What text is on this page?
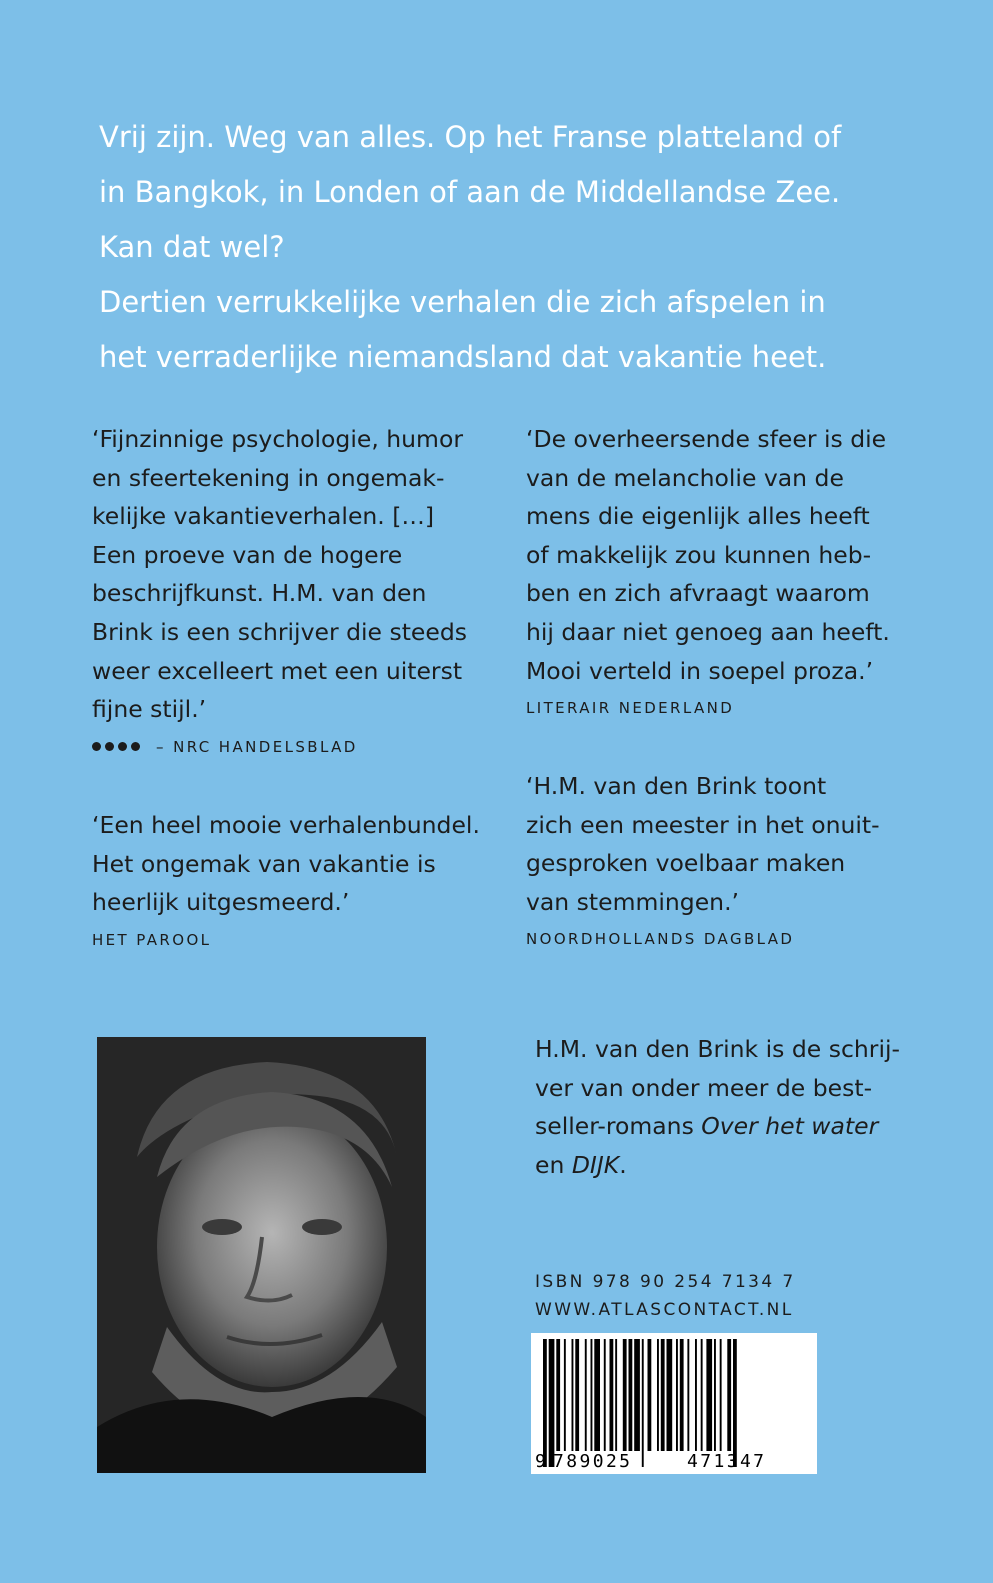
Vrij zijn. Weg van alles. Op het Franse platteland of

in Bangkok, in Londen of aan de Middellandse Zee.

Kan dat wel?

Dertien verrukkelijke verhalen die zich afspelen in

het verraderlijke niemandsland dat vakantie heet.

‘Fijnzinnige psychologie, humor
en sfeertekening in ongemak-
kelijke vakantieverhalen. […]
Een proeve van de hogere
beschrijfkunst. H.M. van den
Brink is een schrijver die steeds
weer excelleert met een uiterst
fijne stijl.’

– NRC HANDELSBLAD

‘De overheersende sfeer is die
van de melancholie van de
mens die eigenlijk alles heeft
of makkelijk zou kunnen heb-
ben en zich afvraagt waarom
hij daar niet genoeg aan heeft.
Mooi verteld in soepel proza.’

LITERAIR NEDERLAND

‘Een heel mooie verhalenbundel.
Het ongemak van vakantie is
heerlijk uitgesmeerd.’

HET PAROOL

‘H.M. van den Brink toont
zich een meester in het onuit-
gesproken voelbaar maken
van stemmingen.’

NOORDHOLLANDS DAGBLAD
H.M. van den Brink is de schrij-
ver van onder meer de best-
seller-romans Over het water
en DIJK.
ISBN 978 90 254 7134 7
WWW.ATLASCONTACT.NL
9 789025	471347
